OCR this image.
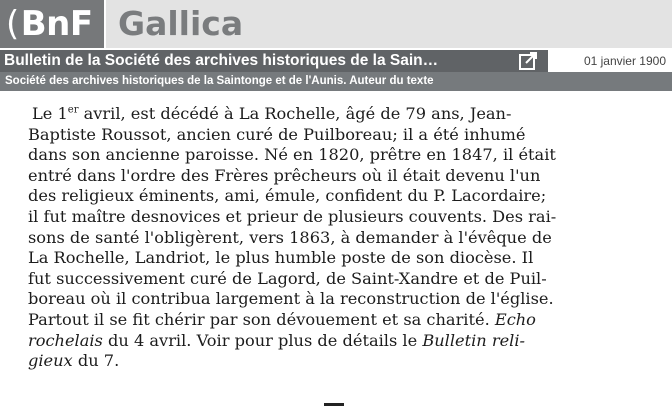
(BnF Gallica
Bulletin de la Société des archives historiques de la Sain…	01 janvier 1900
Société des archives historiques de la Saintonge et de l'Aunis. Auteur du texte
Le 1er avril, est décédé à La Rochelle, âgé de 79 ans, Jean-
Baptiste Roussot, ancien curé de Puilboreau; il a été inhumé
dans son ancienne paroisse. Né en 1820, prêtre en 1847, il était
entré dans l'ordre des Frères prêcheurs où il était devenu l'un
des religieux éminents, ami, émule, confident du P. Lacordaire;
il fut maître desnovices et prieur de plusieurs couvents. Des rai-
sons de santé l'obligèrent, vers 1863, à demander à l'évêque de
La Rochelle, Landriot, le plus humble poste de son diocèse. Il
fut successivement curé de Lagord, de Saint-Xandre et de Puil-
boreau où il contribua largement à la reconstruction de l'église.
Partout il se fit chérir par son dévouement et sa charité. Echo
rochelais du 4 avril. Voir pour plus de détails le Bulletin reli-
gieux du 7.
